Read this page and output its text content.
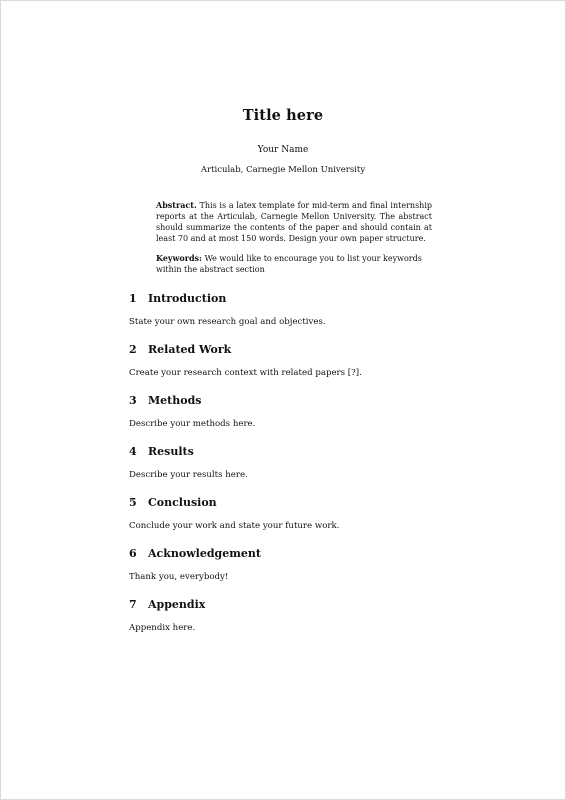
Title here
Your Name
Articulab, Carnegie Mellon University
Abstract. This is a latex template for mid-term and final internship reports at the Articulab, Carnegie Mellon University. The abstract should summarize the contents of the paper and should contain at least 70 and at most 150 words. Design your own paper structure.
Keywords: We would like to encourage you to list your keywords within the abstract section
1 Introduction
State your own research goal and objectives.
2 Related Work
Create your research context with related papers [?].
3 Methods
Describe your methods here.
4 Results
Describe your results here.
5 Conclusion
Conclude your work and state your future work.
6 Acknowledgement
Thank you, everybody!
7 Appendix
Appendix here.
